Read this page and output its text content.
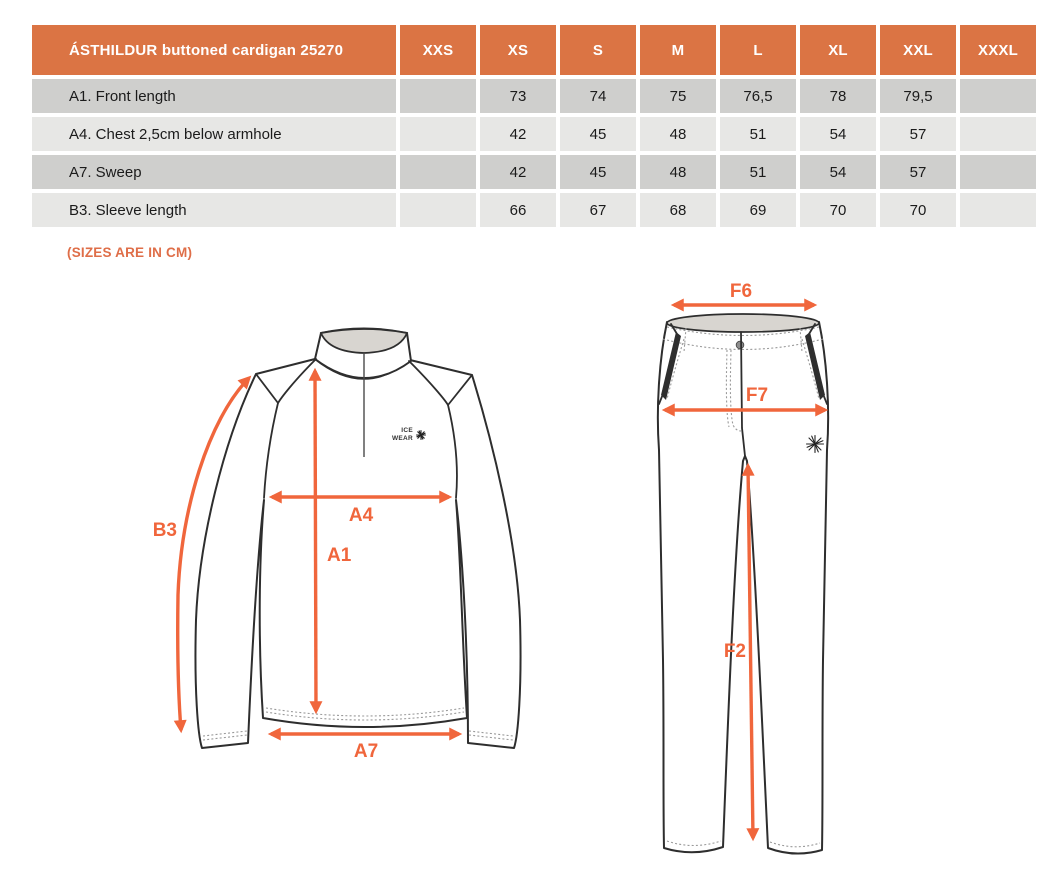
ÁSTHILDUR buttoned cardigan 25270	XXS	XS	S	M	L	XL	XXL	XXXL
A1. Front length		73	74	75	76,5	78	79,5	
A4. Chest 2,5cm below armhole		42	45	48	51	54	57	
A7. Sweep		42	45	48	51	54	57	
B3. Sleeve length		66	67	68	69	70	70	
(SIZES ARE IN CM)
ICE
WEAR
B3
A4
A1
A7
F6
F7
F2
